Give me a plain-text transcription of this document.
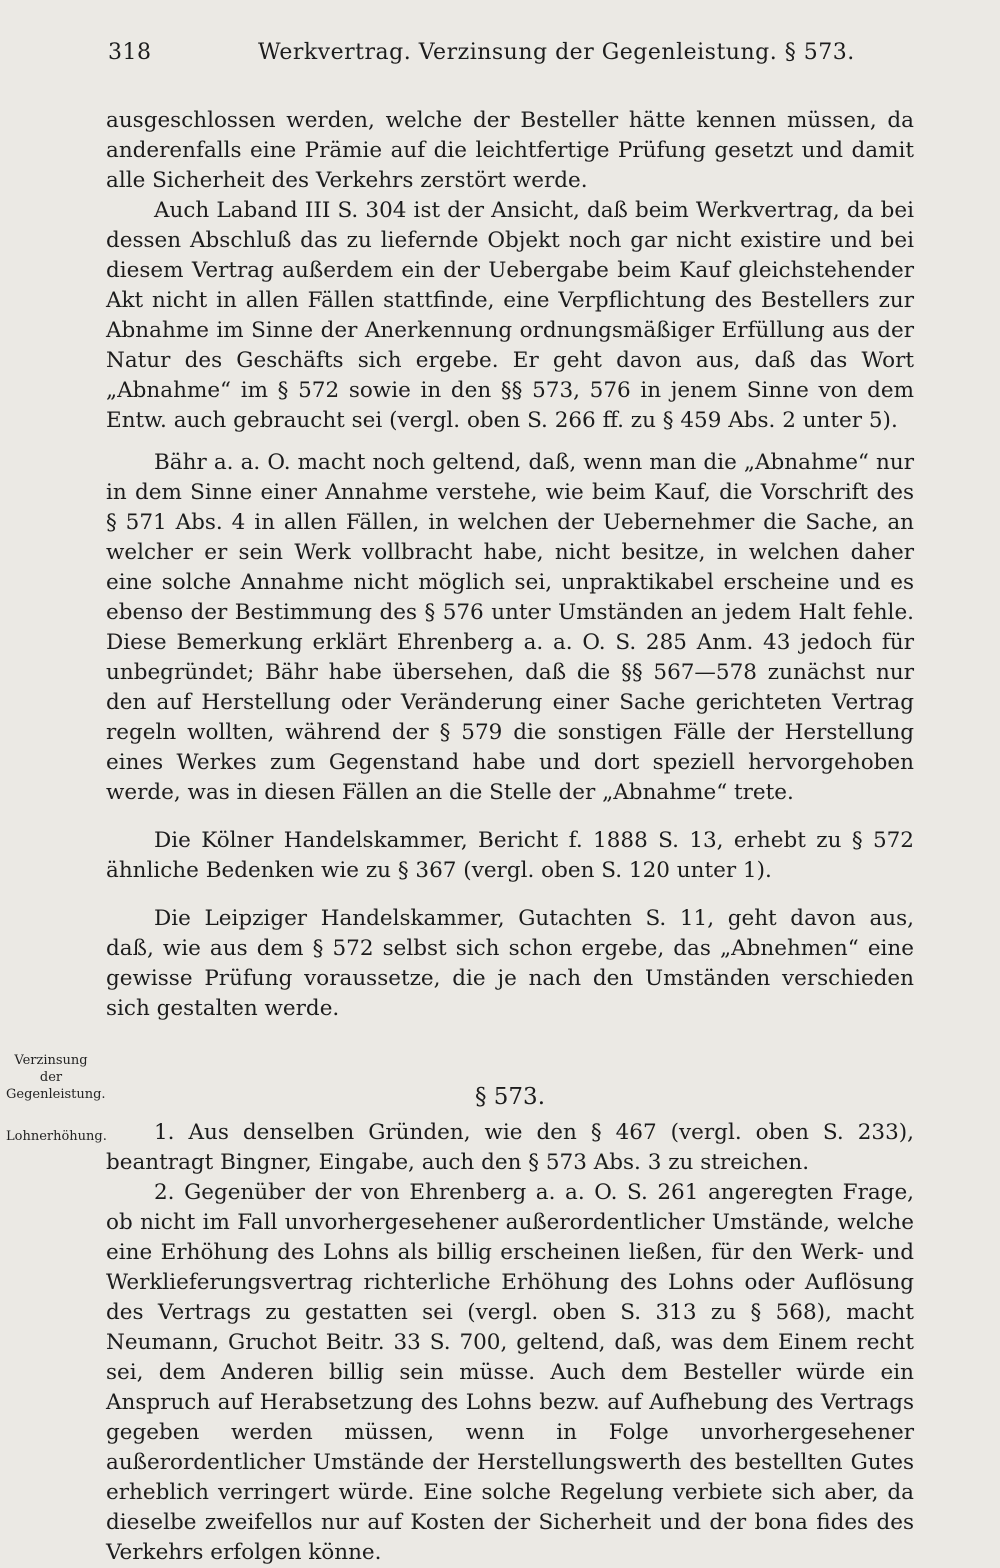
318	Werkvertrag. Verzinsung der Gegenleistung. § 573.

ausgeschlossen werden, welche der Besteller hätte kennen müssen, da anderenfalls eine Prämie auf die leichtfertige Prüfung gesetzt und damit alle Sicherheit des Verkehrs zerstört werde.

Auch Laband III S. 304 ist der Ansicht, daß beim Werkvertrag, da bei dessen Abschluß das zu liefernde Objekt noch gar nicht existire und bei diesem Vertrag außerdem ein der Uebergabe beim Kauf gleichstehender Akt nicht in allen Fällen stattfinde, eine Verpflichtung des Bestellers zur Abnahme im Sinne der Anerkennung ordnungsmäßiger Erfüllung aus der Natur des Geschäfts sich ergebe. Er geht davon aus, daß das Wort „Abnahme“ im § 572 sowie in den §§ 573, 576 in jenem Sinne von dem Entw. auch gebraucht sei (vergl. oben S. 266 ff. zu § 459 Abs. 2 unter 5).

Bähr a. a. O. macht noch geltend, daß, wenn man die „Abnahme“ nur in dem Sinne einer Annahme verstehe, wie beim Kauf, die Vorschrift des § 571 Abs. 4 in allen Fällen, in welchen der Uebernehmer die Sache, an welcher er sein Werk vollbracht habe, nicht besitze, in welchen daher eine solche Annahme nicht möglich sei, unpraktikabel erscheine und es ebenso der Bestimmung des § 576 unter Umständen an jedem Halt fehle. Diese Bemerkung erklärt Ehrenberg a. a. O. S. 285 Anm. 43 jedoch für unbegründet; Bähr habe übersehen, daß die §§ 567—578 zunächst nur den auf Herstellung oder Veränderung einer Sache gerichteten Vertrag regeln wollten, während der § 579 die sonstigen Fälle der Herstellung eines Werkes zum Gegenstand habe und dort speziell hervorgehoben werde, was in diesen Fällen an die Stelle der „Abnahme“ trete.

Die Kölner Handelskammer, Bericht f. 1888 S. 13, erhebt zu § 572 ähnliche Bedenken wie zu § 367 (vergl. oben S. 120 unter 1).

Die Leipziger Handelskammer, Gutachten S. 11, geht davon aus, daß, wie aus dem § 572 selbst sich schon ergebe, das „Abnehmen“ eine gewisse Prüfung voraussetze, die je nach den Umständen verschieden sich gestalten werde.

§ 573.

1. Aus denselben Gründen, wie den § 467 (vergl. oben S. 233), beantragt Bingner, Eingabe, auch den § 573 Abs. 3 zu streichen.

2. Gegenüber der von Ehrenberg a. a. O. S. 261 angeregten Frage, ob nicht im Fall unvorhergesehener außerordentlicher Umstände, welche eine Erhöhung des Lohns als billig erscheinen ließen, für den Werk- und Werklieferungsvertrag richterliche Erhöhung des Lohns oder Auflösung des Vertrags zu gestatten sei (vergl. oben S. 313 zu § 568), macht Neumann, Gruchot Beitr. 33 S. 700, geltend, daß, was dem Einem recht sei, dem Anderen billig sein müsse. Auch dem Besteller würde ein Anspruch auf Herabsetzung des Lohns bezw. auf Aufhebung des Vertrags gegeben werden müssen, wenn in Folge unvorhergesehener außerordentlicher Umstände der Herstellungswerth des bestellten Gutes erheblich verringert würde. Eine solche Regelung verbiete sich aber, da dieselbe zweifellos nur auf Kosten der Sicherheit und der bona fides des Verkehrs erfolgen könne.

Verzinsung der Gegenleistung.
Lohnerhöhung.
